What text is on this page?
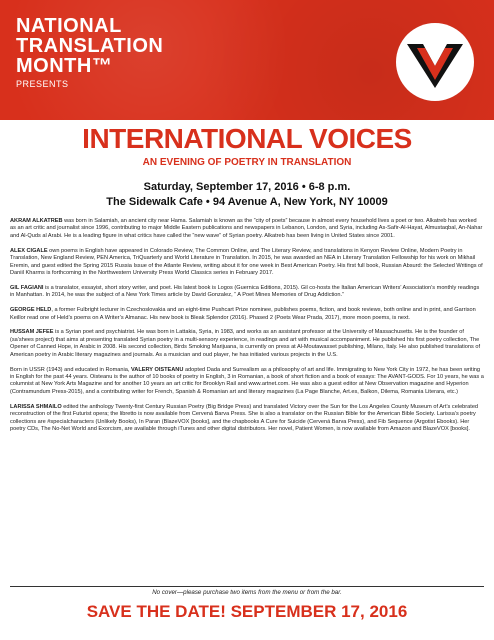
NATIONAL
TRANSLATION
MONTH™
PRESENTS
INTERNATIONAL VOICES
AN EVENING OF POETRY IN TRANSLATION
Saturday, September 17, 2016 • 6-8 p.m.
The Sidewalk Cafe • 94 Avenue A, New York, NY 10009

AKRAM ALKATREB was born in Salamiah, an ancient city near Hama. Salamiah is known as the “city of poets” because in almost every household lives a poet or two. Alkatreb has worked as an art critic and journalist since 1996, contributing to major Middle Eastern publications and newspapers in Lebanon, London, and Syria, including As-Safir-Al-Hayat, Almustaqbal, An-Nahar and Al-Quds al Arabi. He is a leading figure in what critics have called the “new wave” of Syrian poetry. Alkatreb has been living in United States since 2001.

ALEX CIGALE own poems in English have appeared in Colorado Review, The Common Online, and The Literary Review, and translations in Kenyon Review Online, Modern Poetry in Translation, New England Review, PEN America, TriQuarterly and World Literature in Translation. In 2015, he was awarded an NEA in Literary Translation Fellowship for his work on Mikhail Eremin, and guest edited the Spring 2015 Russia Issue of the Atlante Review, writing about it for one week in Best American Poetry. His first full book, Russian Absurd: the Selected Writings of Daniil Kharms is forthcoming in the Northwestern University Press World Classics series in February 2017.

GIL FAGIANI is a translator, essayist, short story writer, and poet. His latest book is Logos (Guernica Editions, 2015). Gil co-hosts the Italian American Writers’ Association’s monthly readings in Manhattan. In 2014, he was the subject of a New York Times article by David Gonzalez, “ A Poet Mines Memories of Drug Addiction.”

GEORGE HELD, a former Fulbright lecturer in Czechoslovakia and an eight-time Pushcart Prize nominee, publishes poems, fiction, and book reviews, both online and in print, and Garrison Keillor read one of Held’s poems on A Writer’s Almanac. His new book is Bleak Splendor (2016). Phased 2 (Poets Wear Prada, 2017), more moon poems, is next.

HUSSAM JEFEE is a Syrian poet and psychiatrist. He was born in Lattakia, Syria, in 1983, and works as an assistant professor at the University of Massachusetts. He is the founder of (sa’shees project) that aims at presenting translated Syrian poetry in a multi-sensory experience, in readings and art with musical accompaniment. He published his first poetry collection, The Opener of Canned Hope, in Arabic in 2008. His second collection, Birds Smoking Marijuana, is currently on press at Al-Moutawasset publishing, Milano, Italy. He also published translations of American poetry in Arabic literary magazines and journals. As a musician and oud player, he has initiated various projects in the U.S.

Born in USSR (1943) and educated in Romania, VALERY OISTEANU adopted Dada and Surrealism as a philosophy of art and life. Immigrating to New York City in 1972, he has been writing in English for the past 44 years. Oisteanu is the author of 10 books of poetry in English, 3 in Romanian, a book of short fiction and a book of essays: The AVANT-GODS. For 10 years, he was a columnist at New York Arts Magazine and for another 10 years an art critic for Brooklyn Rail and www.artnet.com. He was also a guest editor at New Observation magazine and Hyperion (Contramundum Press-2015), and a contributing writer for French, Spanish & Romanian art and literary magazines (La Page Blanche, Art.es, Balkon, Dilema, Romania Literara, etc.)

LARISSA SHMAILO edited the anthology Twenty-first Century Russian Poetry (Big Bridge Press) and translated Victory over the Sun for the Los Angeles County Museum of Art’s celebrated reconstruction of the first Futurist opera; the libretto is now available from Cervená Barva Press. She is also a translator on the Russian Bible for the American Bible Society. Larissa’s poetry collections are #specialcharacters (Unlikely Books), In Paran (BlazeVOX [books], and the chapbooks A Cure for Suicide (Cervená Barva Press), and Fib Sequence (Argotist Ebooks). Her poetry CDs, The No-Net World and Exorcism, are available through iTunes and other digital distributors. Her novel, Patient Women, is now available from Amazon and BlazeVOX [books].

No cover—please purchase two items from the menu or from the bar.
SAVE THE DATE! SEPTEMBER 17, 2016
